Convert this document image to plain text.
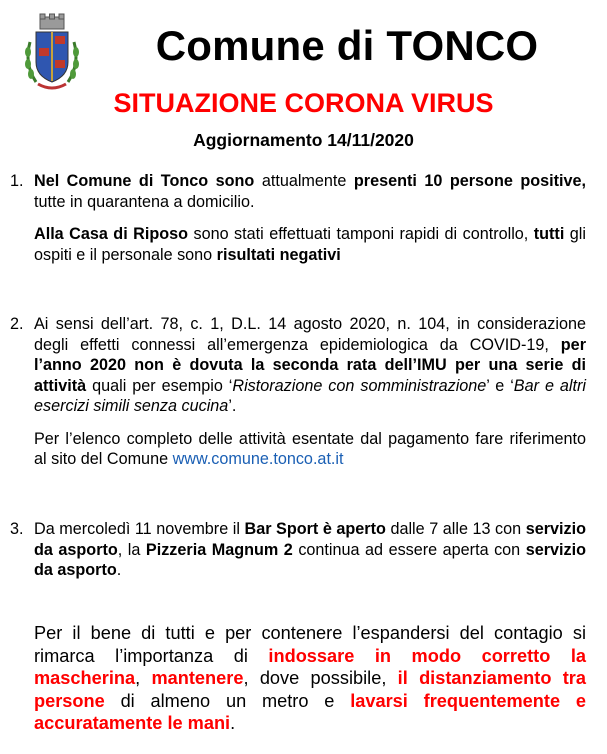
Comune di TONCO
SITUAZIONE CORONA VIRUS
Aggiornamento 14/11/2020
1. Nel Comune di Tonco sono attualmente presenti 10 persone positive, tutte in quarantena a domicilio.

Alla Casa di Riposo sono stati effettuati tamponi rapidi di controllo, tutti gli ospiti e il personale sono risultati negativi

2. Ai sensi dell’art. 78, c. 1, D.L. 14 agosto 2020, n. 104, in considerazione degli effetti connessi all’emergenza epidemiologica da COVID-19, per l’anno 2020 non è dovuta la seconda rata dell’IMU per una serie di attività quali per esempio ‘Ristorazione con somministrazione’ e ‘Bar e altri esercizi simili senza cucina’.

Per l’elenco completo delle attività esentate dal pagamento fare riferimento al sito del Comune www.comune.tonco.at.it

3. Da mercoledì 11 novembre il Bar Sport è aperto dalle 7 alle 13 con servizio da asporto, la Pizzeria Magnum 2 continua ad essere aperta con servizio da asporto.

Per il bene di tutti e per contenere l’espandersi del contagio si rimarca l’importanza di indossare in modo corretto la mascherina, mantenere, dove possibile, il distanziamento tra persone di almeno un metro e lavarsi frequentemente e accuratamente le mani.
